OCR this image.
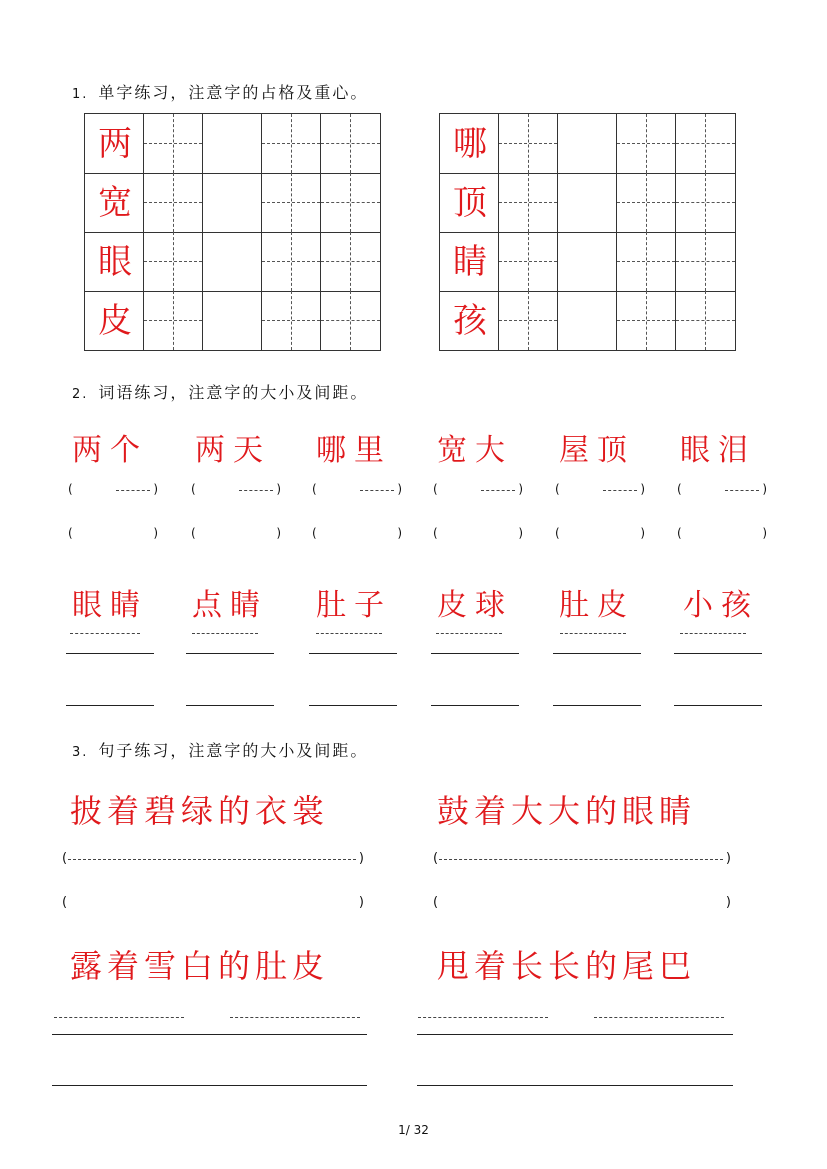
1. 单字练习，注意字的占格及重心。
两
宽
眼
皮
哪
顶
睛
孩
2. 词语练习，注意字的大小及间距。
两个 两天 哪里 宽大 屋顶 眼泪
(	)	(	)	(	)	(	)	(	)	(	)
(	)	(	)	(	)	(	)	(	)	(	)
眼睛 点睛 肚子 皮球 肚皮 小孩
3. 句子练习，注意字的大小及间距。
披着碧绿的衣裳	鼓着大大的眼睛
(	)	(	)
(	)	(	)
露着雪白的肚皮	甩着长长的尾巴
1/ 32
